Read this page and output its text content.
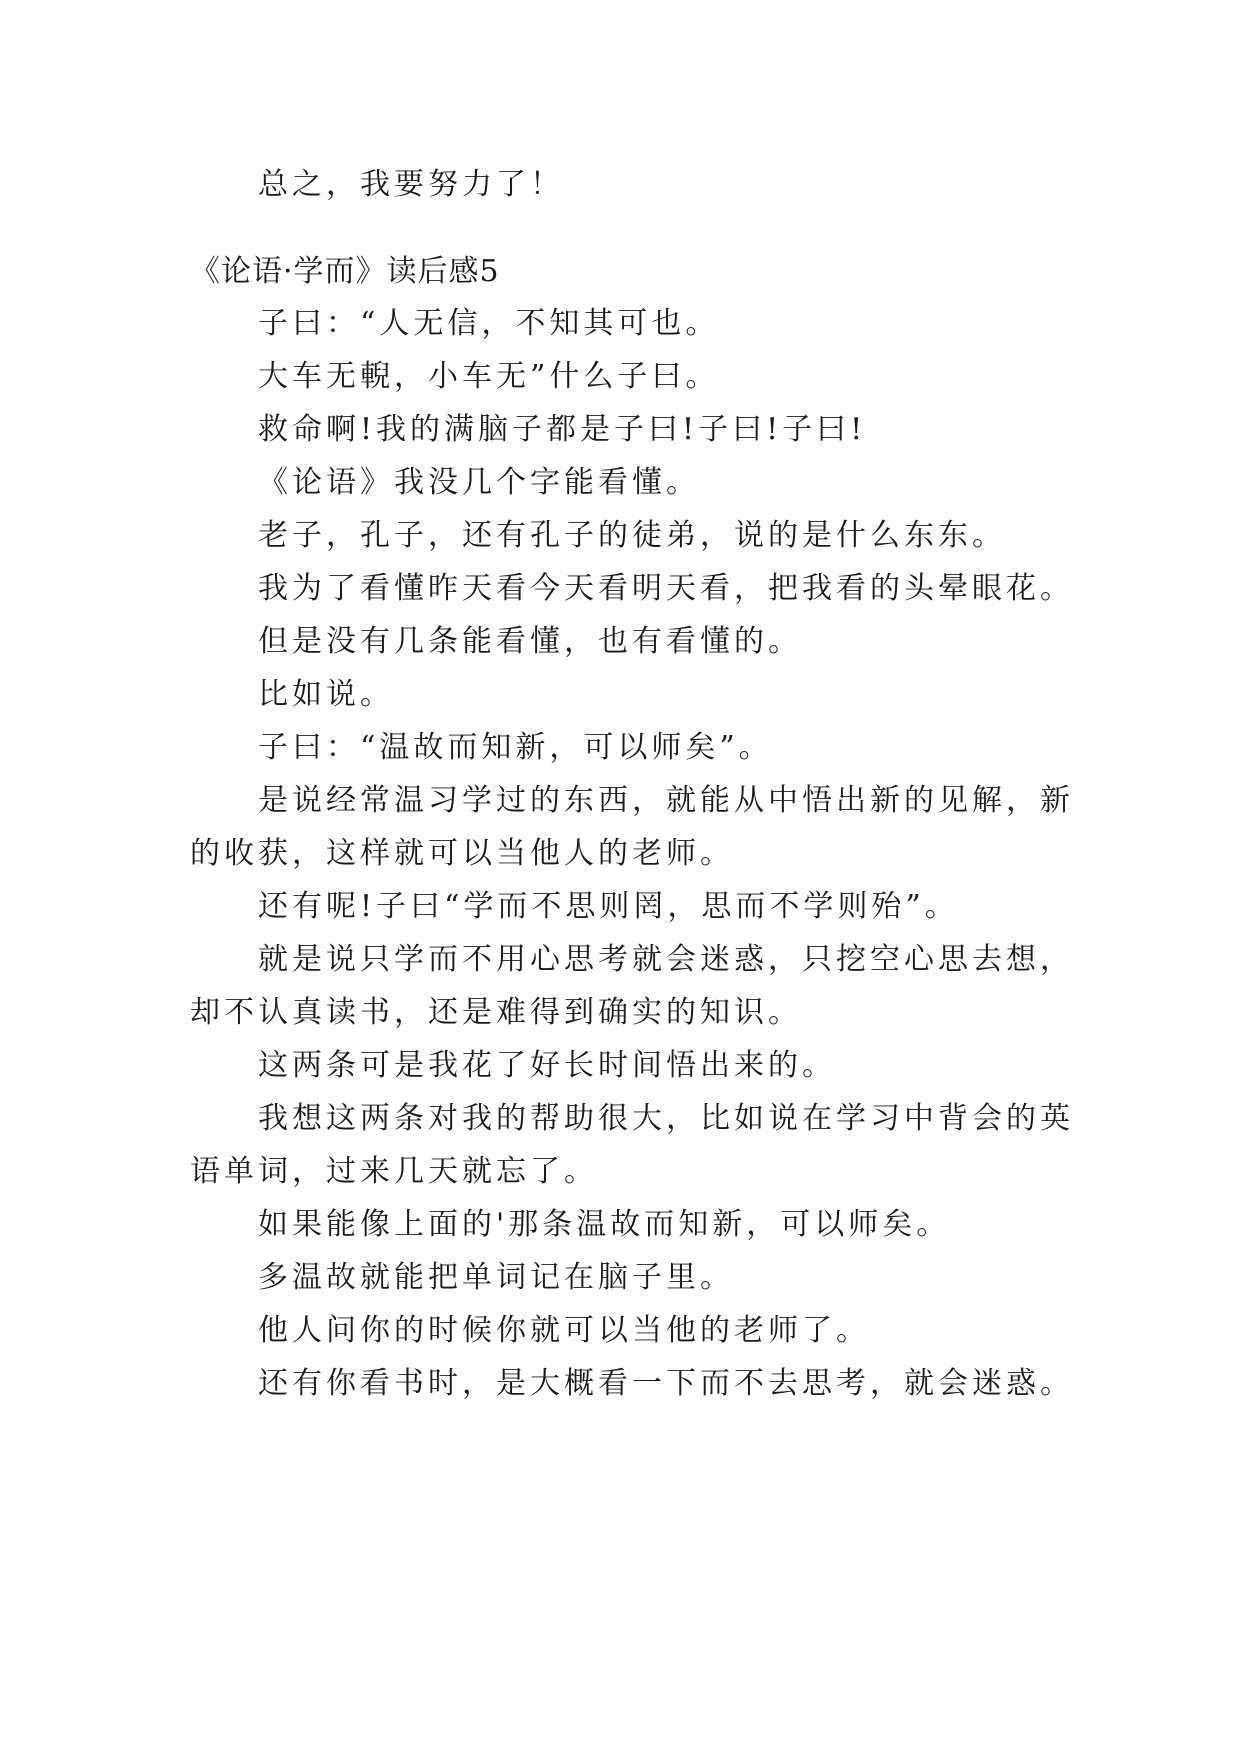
总之，我要努力了！

《论语·学而》读后感5

子曰：“人无信，不知其可也。

大车无輗，小车无”什么子曰。

救命啊!我的满脑子都是子曰!子曰!子曰!

《论语》我没几个字能看懂。

老子，孔子，还有孔子的徒弟，说的是什么东东。

我为了看懂昨天看今天看明天看，把我看的头晕眼花。

但是没有几条能看懂，也有看懂的。

比如说。

子曰：“温故而知新，可以师矣”。

是说经常温习学过的东西，就能从中悟出新的见解，新

的收获，这样就可以当他人的老师。

还有呢!子曰“学而不思则罔，思而不学则殆”。

就是说只学而不用心思考就会迷惑，只挖空心思去想，

却不认真读书，还是难得到确实的知识。

这两条可是我花了好长时间悟出来的。

我想这两条对我的帮助很大，比如说在学习中背会的英

语单词，过来几天就忘了。

如果能像上面的'那条温故而知新，可以师矣。

多温故就能把单词记在脑子里。

他人问你的时候你就可以当他的老师了。

还有你看书时，是大概看一下而不去思考，就会迷惑。
